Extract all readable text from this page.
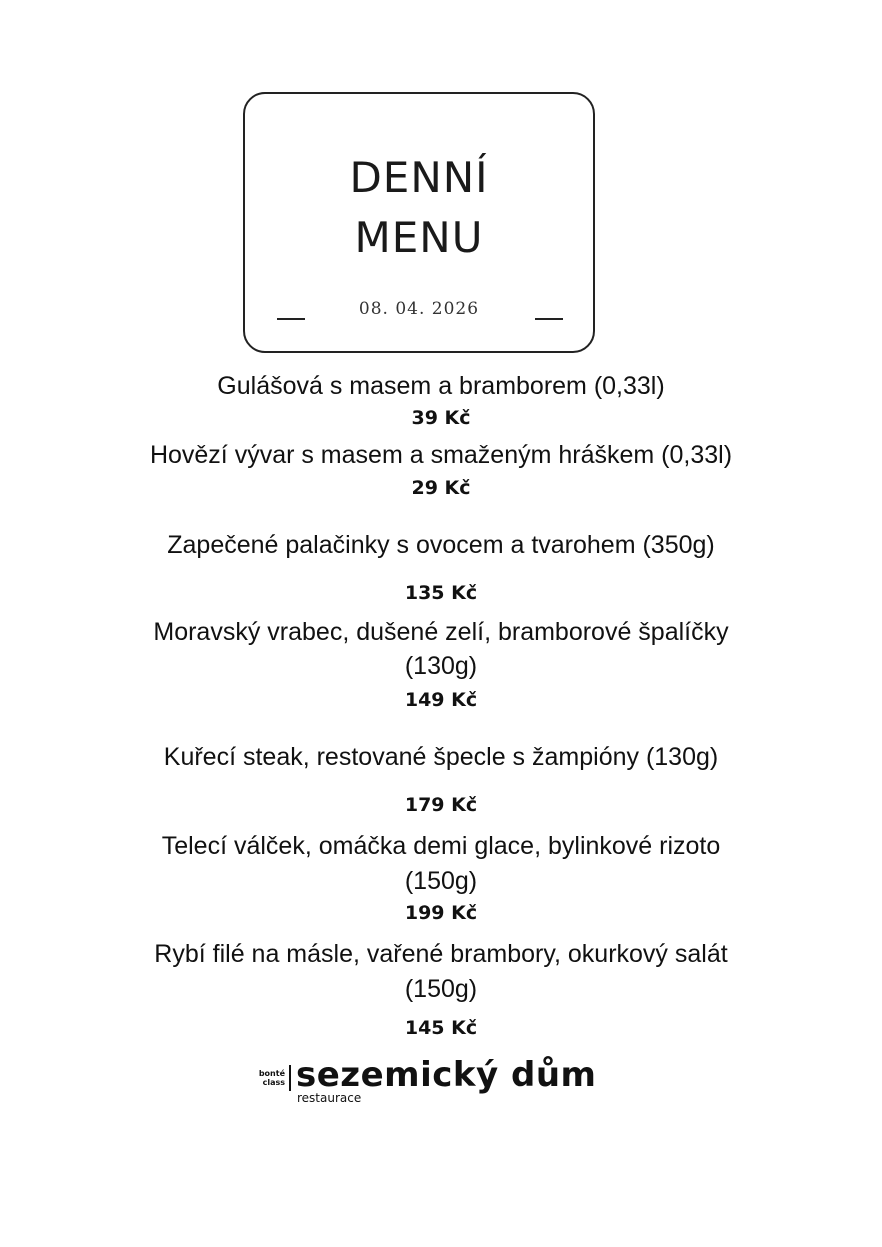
DENNÍ
MENU
08. 04. 2026
Gulášová s masem a bramborem (0,33l)
39 Kč
Hovězí vývar s masem a smaženým hráškem (0,33l)
29 Kč
Zapečené palačinky s ovocem a tvarohem (350g)
135 Kč
Moravský vrabec, dušené zelí, bramborové špalíčky
(130g)
149 Kč
Kuřecí steak, restované špecle s žampióny (130g)
179 Kč
Telecí válček, omáčka demi glace, bylinkové rizoto
(150g)
199 Kč
Rybí filé na másle, vařené brambory, okurkový salát
(150g)
145 Kč
bonté
class sezemický dům
restaurace
